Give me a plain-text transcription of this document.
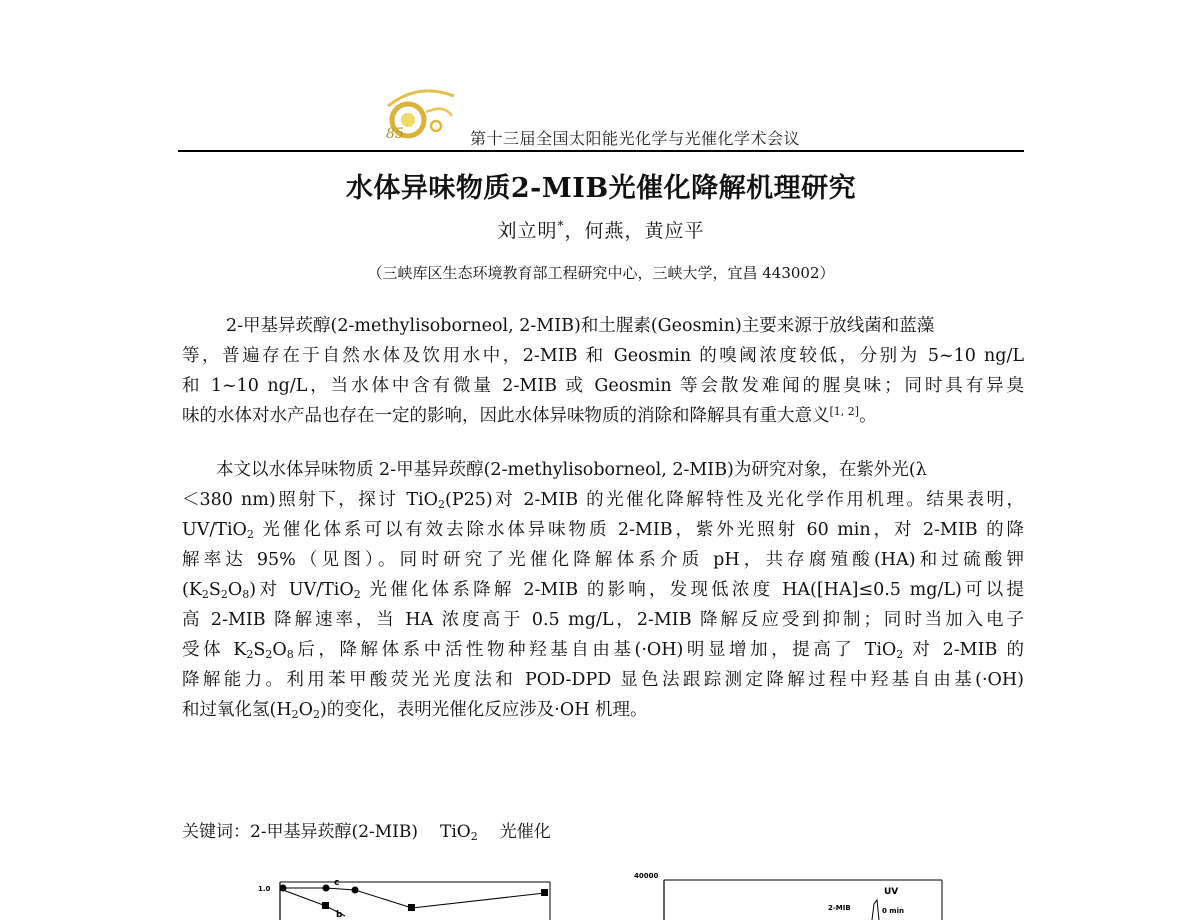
85	第十三届全国太阳能光化学与光催化学术会议
水体异味物质2-MIB光催化降解机理研究
刘立明*，何燕，黄应平
（三峡库区生态环境教育部工程研究中心，三峡大学，宜昌 443002）
2-甲基异莰醇(2-methylisoborneol, 2-MIB)和土腥素(Geosmin)主要来源于放线菌和蓝藻
等，普遍存在于自然水体及饮用水中，2-MIB 和 Geosmin 的嗅阈浓度较低，分别为 5~10 ng/L
和 1~10 ng/L，当水体中含有微量 2-MIB 或 Geosmin 等会散发难闻的腥臭味；同时具有异臭
味的水体对水产品也存在一定的影响，因此水体异味物质的消除和降解具有重大意义[1, 2]。
本文以水体异味物质 2-甲基异莰醇(2-methylisoborneol, 2-MIB)为研究对象，在紫外光(λ
＜380 nm)照射下，探讨 TiO$_2$(P25)对 2-MIB 的光催化降解特性及光化学作用机理。结果表明，
UV/TiO$_2$ 光催化体系可以有效去除水体异味物质 2-MIB，紫外光照射 60 min，对 2-MIB 的降
解率达 95%（见图）。同时研究了光催化降解体系介质 pH，共存腐殖酸(HA)和过硫酸钾
$(K_2S_2O_8)$对 UV/TiO$_2$ 光催化体系降解 2-MIB 的影响，发现低浓度 HA([HA]≤0.5 mg/L)可以提
高 2-MIB 降解速率，当 HA 浓度高于 0.5 mg/L，2-MIB 降解反应受到抑制；同时当加入电子
受体 $K_2S_2O_8$后，降解体系中活性物种羟基自由基(·OH)明显增加，提高了 TiO$_2$ 对 2-MIB 的
降解能力。利用苯甲酸荧光光度法和 POD-DPD 显色法跟踪测定降解过程中羟基自由基(·OH)
和过氧化氢$(H_2O_2)$的变化，表明光催化反应涉及·OH 机理。
关键词：2-甲基异莰醇(2-MIB) TiO$_2$ 光催化
1.0
c
b
40000
UV
2-MIB	0 min
